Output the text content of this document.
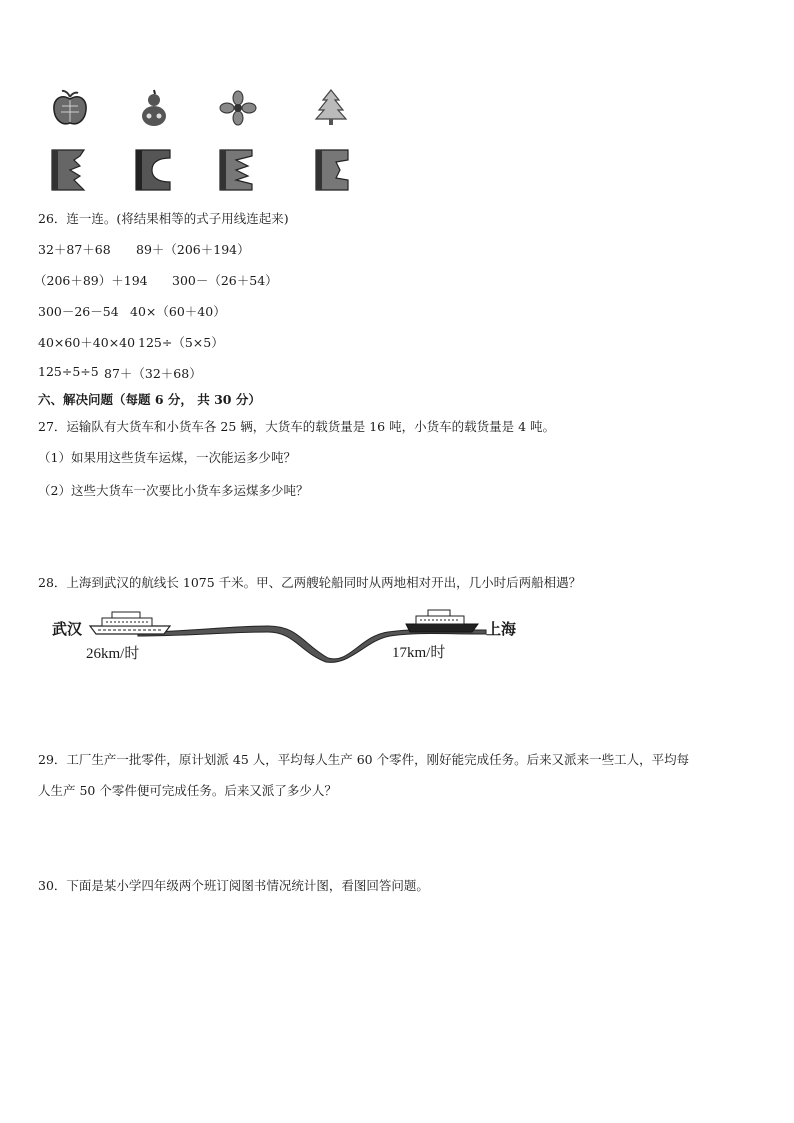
26．连一连。(将结果相等的式子用线连起来)
32＋87＋68 89＋（206＋194）
（206＋89）＋194 300－（26＋54）
300－26－54 40×（60＋40）
40×60＋40×40 125÷（5×5）
125÷5÷5 87＋（32＋68）
六、解决问题（每题 6 分， 共 30 分）
27．运输队有大货车和小货车各 25 辆，大货车的载货量是 16 吨，小货车的载货量是 4 吨。
（1）如果用这些货车运煤，一次能运多少吨？
（2）这些大货车一次要比小货车多运煤多少吨？
28．上海到武汉的航线长 1075 千米。甲、乙两艘轮船同时从两地相对开出，几小时后两船相遇？
武汉	上海
26km/时	17km/时
29．工厂生产一批零件，原计划派 45 人，平均每人生产 60 个零件，刚好能完成任务。后来又派来一些工人，平均每
人生产 50 个零件便可完成任务。后来又派了多少人？
30．下面是某小学四年级两个班订阅图书情况统计图，看图回答问题。
